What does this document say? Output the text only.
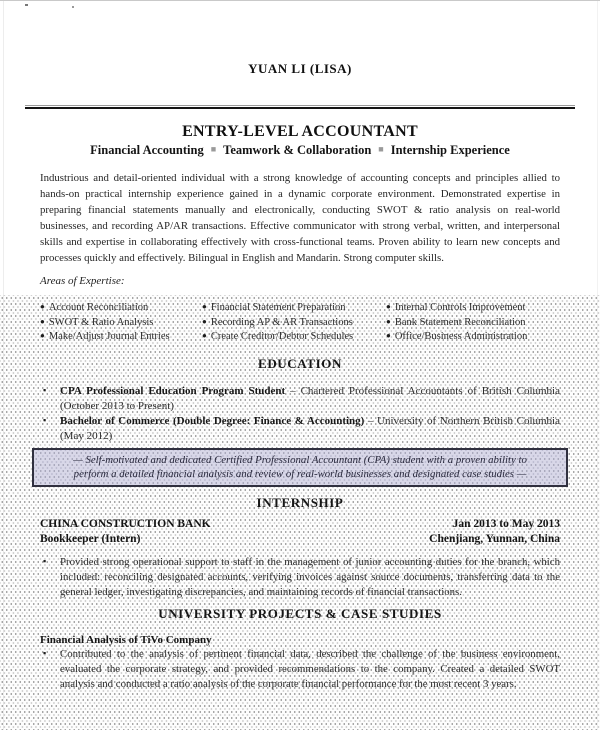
YUAN LI (LISA)
ENTRY-LEVEL ACCOUNTANT
Financial Accounting ■ Teamwork & Collaboration ■ Internship Experience
Industrious and detail-oriented individual with a strong knowledge of accounting concepts and principles allied to hands-on practical internship experience gained in a dynamic corporate environment. Demonstrated expertise in preparing financial statements manually and electronically, conducting SWOT & ratio analysis on real-world businesses, and recording AP/AR transactions. Effective communicator with strong verbal, written, and interpersonal skills and expertise in collaborating effectively with cross-functional teams. Proven ability to learn new concepts and processes quickly and effectively. Bilingual in English and Mandarin. Strong computer skills.
Areas of Expertise:
● Account Reconciliation
● SWOT & Ratio Analysis
● Make/Adjust Journal Entries
● Financial Statement Preparation
● Recording AP & AR Transactions
● Create Creditor/Debtor Schedules
● Internal Controls Improvement
● Bank Statement Reconciliation
● Office/Business Administration
EDUCATION
▪ CPA Professional Education Program Student – Chartered Professional Accountants of British Columbia (October 2013 to Present)
▪ Bachelor of Commerce (Double Degree: Finance & Accounting) – University of Northern British Columbia (May 2012)
— Self-motivated and dedicated Certified Professional Accountant (CPA) student with a proven ability to perform a detailed financial analysis and review of real-world businesses and designated case studies —
INTERNSHIP
CHINA CONSTRUCTION BANK	Jan 2013 to May 2013
Bookkeeper (Intern)	Chenjiang, Yunnan, China
▪ Provided strong operational support to staff in the management of junior accounting duties for the branch, which included: reconciling designated accounts, verifying invoices against source documents, transferring data to the general ledger, investigating discrepancies, and maintaining records of financial transactions.
UNIVERSITY PROJECTS & CASE STUDIES
Financial Analysis of TiVo Company
▪ Contributed to the analysis of pertinent financial data, described the challenge of the business environment, evaluated the corporate strategy, and provided recommendations to the company. Created a detailed SWOT analysis and conducted a ratio analysis of the corporate financial performance for the most recent 3 years.
